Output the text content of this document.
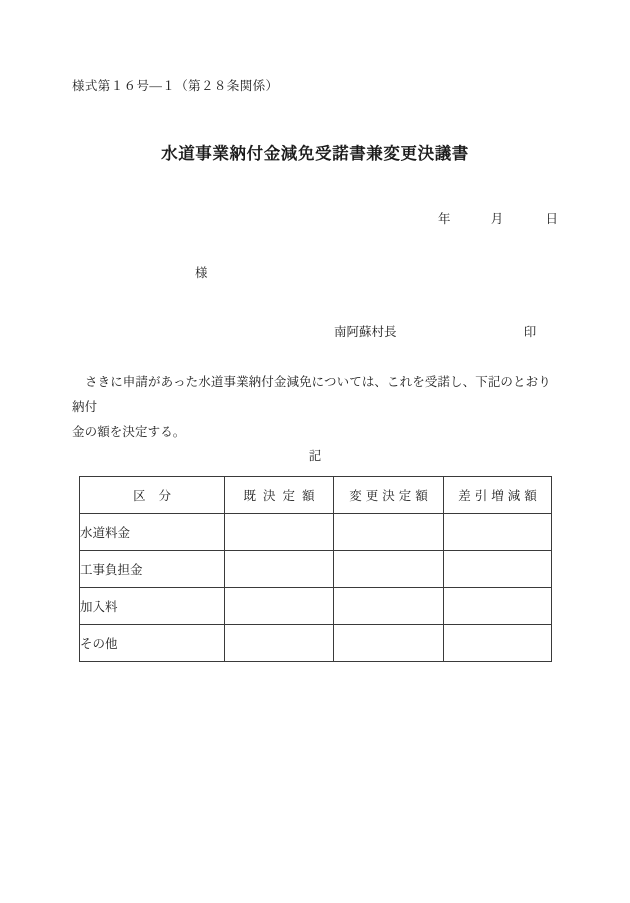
様式第１６号―１（第２８条関係）
水道事業納付金減免受諾書兼変更決議書
年	月	日
様
南阿蘇村長	印
さきに申請があった水道事業納付金減免については、これを受諾し、下記のとおり納付
金の額を決定する。
記
区分	既決定額	変更決定額	差引増減額

水道料金			

工事負担金			

加入料			

その他			
